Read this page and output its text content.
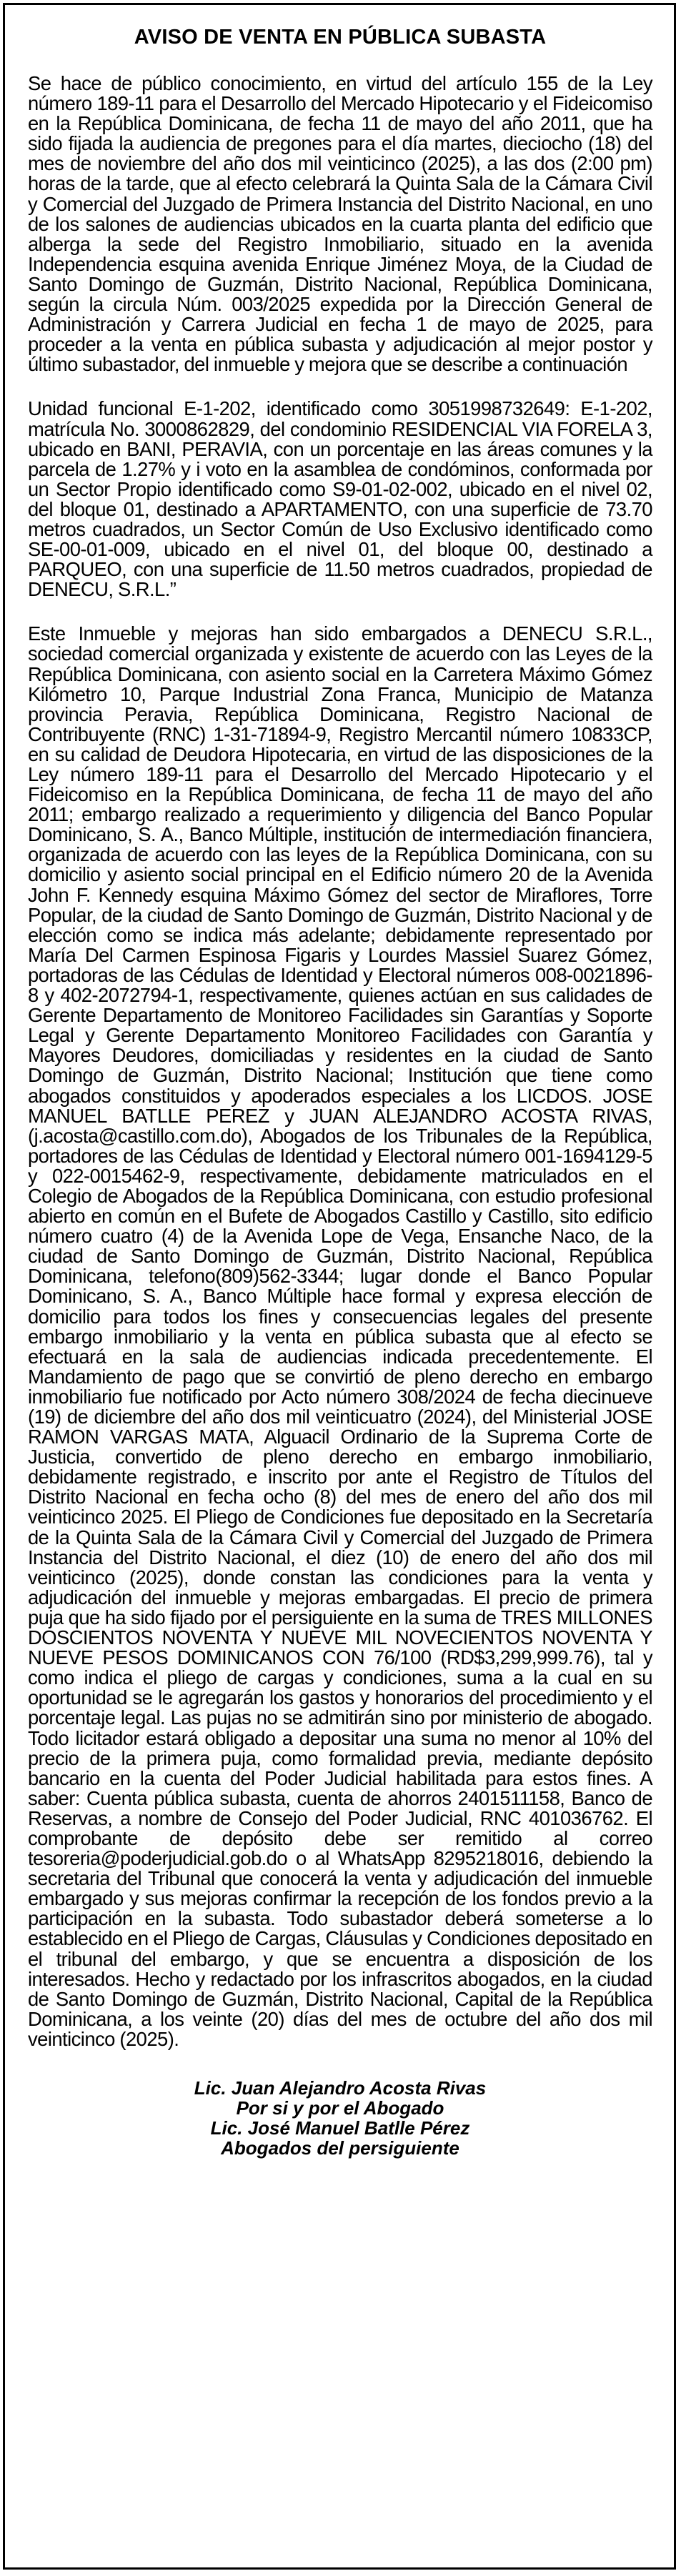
AVISO DE VENTA EN PÚBLICA SUBASTA

Se hace de público conocimiento, en virtud del artículo 155 de la Ley número 189-11 para el Desarrollo del Mercado Hipotecario y el Fideicomiso en la República Dominicana, de fecha 11 de mayo del año 2011, que ha sido fijada la audiencia de pregones para el día martes, dieciocho (18) del mes de noviembre del año dos mil veinticinco (2025), a las dos (2:00 pm) horas de la tarde, que al efecto celebrará la Quinta Sala de la Cámara Civil y Comercial del Juzgado de Primera Instancia del Distrito Nacional, en uno de los salones de audiencias ubicados en la cuarta planta del edificio que alberga la sede del Registro Inmobiliario, situado en la avenida Independencia esquina avenida Enrique Jiménez Moya, de la Ciudad de Santo Domingo de Guzmán, Distrito Nacional, República Dominicana, según la circula Núm. 003/2025 expedida por la Dirección General de Administración y Carrera Judicial en fecha 1 de mayo de 2025, para proceder a la venta en pública subasta y adjudicación al mejor postor y último subastador, del inmueble y mejora que se describe a continuación

Unidad funcional E-1-202, identificado como 3051998732649: E-1-202, matrícula No. 3000862829, del condominio RESIDENCIAL VIA FORELA 3, ubicado en BANI, PERAVIA, con un porcentaje en las áreas comunes y la parcela de 1.27% y i voto en la asamblea de condóminos, conformada por un Sector Propio identificado como S9-01-02-002, ubicado en el nivel 02, del bloque 01, destinado a APARTAMENTO, con una superficie de 73.70 metros cuadrados, un Sector Común de Uso Exclusivo identificado como SE-00-01-009, ubicado en el nivel 01, del bloque 00, destinado a PARQUEO, con una superficie de 11.50 metros cuadrados, propiedad de DENECU, S.R.L.”

Este Inmueble y mejoras han sido embargados a DENECU S.R.L., sociedad comercial organizada y existente de acuerdo con las Leyes de la República Dominicana, con asiento social en la Carretera Máximo Gómez Kilómetro 10, Parque Industrial Zona Franca, Municipio de Matanza provincia Peravia, República Dominicana, Registro Nacional de Contribuyente (RNC) 1-31-71894-9, Registro Mercantil número 10833CP, en su calidad de Deudora Hipotecaria, en virtud de las disposiciones de la Ley número 189-11 para el Desarrollo del Mercado Hipotecario y el Fideicomiso en la República Dominicana, de fecha 11 de mayo del año 2011; embargo realizado a requerimiento y diligencia del Banco Popular Dominicano, S. A., Banco Múltiple, institución de intermediación financiera, organizada de acuerdo con las leyes de la República Dominicana, con su domicilio y asiento social principal en el Edificio número 20 de la Avenida John F. Kennedy esquina Máximo Gómez del sector de Miraflores, Torre Popular, de la ciudad de Santo Domingo de Guzmán, Distrito Nacional y de elección como se indica más adelante; debidamente representado por María Del Carmen Espinosa Figaris y Lourdes Massiel Suarez Gómez, portadoras de las Cédulas de Identidad y Electoral números 008-0021896-8 y 402-2072794-1, respectivamente, quienes actúan en sus calidades de Gerente Departamento de Monitoreo Facilidades sin Garantías y Soporte Legal y Gerente Departamento Monitoreo Facilidades con Garantía y Mayores Deudores, domiciliadas y residentes en la ciudad de Santo Domingo de Guzmán, Distrito Nacional; Institución que tiene como abogados constituidos y apoderados especiales a los LICDOS. JOSE MANUEL BATLLE PEREZ y JUAN ALEJANDRO ACOSTA RIVAS, (j.acosta@castillo.com.do), Abogados de los Tribunales de la República, portadores de las Cédulas de Identidad y Electoral número 001-1694129-5 y 022-0015462-9, respectivamente, debidamente matriculados en el Colegio de Abogados de la República Dominicana, con estudio profesional abierto en común en el Bufete de Abogados Castillo y Castillo, sito edificio número cuatro (4) de la Avenida Lope de Vega, Ensanche Naco, de la ciudad de Santo Domingo de Guzmán, Distrito Nacional, República Dominicana, telefono(809)562-3344; lugar donde el Banco Popular Dominicano, S. A., Banco Múltiple hace formal y expresa elección de domicilio para todos los fines y consecuencias legales del presente embargo inmobiliario y la venta en pública subasta que al efecto se efectuará en la sala de audiencias indicada precedentemente. El Mandamiento de pago que se convirtió de pleno derecho en embargo inmobiliario fue notificado por Acto número 308/2024 de fecha diecinueve (19) de diciembre del año dos mil veinticuatro (2024), del Ministerial JOSE RAMON VARGAS MATA, Alguacil Ordinario de la Suprema Corte de Justicia, convertido de pleno derecho en embargo inmobiliario, debidamente registrado, e inscrito por ante el Registro de Títulos del Distrito Nacional en fecha ocho (8) del mes de enero del año dos mil veinticinco 2025. El Pliego de Condiciones fue depositado en la Secretaría de la Quinta Sala de la Cámara Civil y Comercial del Juzgado de Primera Instancia del Distrito Nacional, el diez (10) de enero del año dos mil veinticinco (2025), donde constan las condiciones para la venta y adjudicación del inmueble y mejoras embargadas. El precio de primera puja que ha sido fijado por el persiguiente en la suma de TRES MILLONES DOSCIENTOS NOVENTA Y NUEVE MIL NOVECIENTOS NOVENTA Y NUEVE PESOS DOMINICANOS CON 76/100 (RD$3,299,999.76), tal y como indica el pliego de cargas y condiciones, suma a la cual en su oportunidad se le agregarán los gastos y honorarios del procedimiento y el porcentaje legal. Las pujas no se admitirán sino por ministerio de abogado. Todo licitador estará obligado a depositar una suma no menor al 10% del precio de la primera puja, como formalidad previa, mediante depósito bancario en la cuenta del Poder Judicial habilitada para estos fines. A saber: Cuenta pública subasta, cuenta de ahorros 2401511158, Banco de Reservas, a nombre de Consejo del Poder Judicial, RNC 401036762. El comprobante de depósito debe ser remitido al correo tesoreria@poderjudicial.gob.do o al WhatsApp 8295218016, debiendo la secretaria del Tribunal que conocerá la venta y adjudicación del inmueble embargado y sus mejoras confirmar la recepción de los fondos previo a la participación en la subasta. Todo subastador deberá someterse a lo establecido en el Pliego de Cargas, Cláusulas y Condiciones depositado en el tribunal del embargo, y que se encuentra a disposición de los interesados. Hecho y redactado por los infrascritos abogados, en la ciudad de Santo Domingo de Guzmán, Distrito Nacional, Capital de la República Dominicana, a los veinte (20) días del mes de octubre del año dos mil veinticinco (2025).

Lic. Juan Alejandro Acosta Rivas
Por si y por el Abogado
Lic. José Manuel Batlle Pérez
Abogados del persiguiente
